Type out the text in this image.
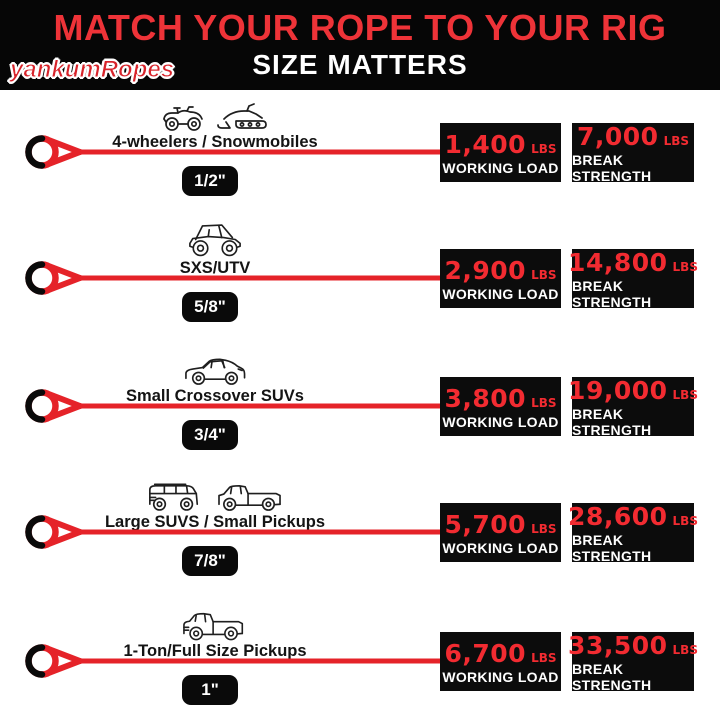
MATCH YOUR ROPE TO YOUR RIG
SIZE MATTERS
yankumRopes
4-wheelers / Snowmobiles
1/2"
1,400 LBS
WORKING LOAD
7,000 LBS
BREAK STRENGTH
SXS/UTV
5/8"
2,900 LBS
WORKING LOAD
14,800 LBS
BREAK STRENGTH
Small Crossover SUVs
3/4"
3,800 LBS
WORKING LOAD
19,000 LBS
BREAK STRENGTH
Large SUVS / Small Pickups
7/8"
5,700 LBS
WORKING LOAD
28,600 LBS
BREAK STRENGTH
1-Ton/Full Size Pickups
1"
6,700 LBS
WORKING LOAD
33,500 LBS
BREAK STRENGTH
